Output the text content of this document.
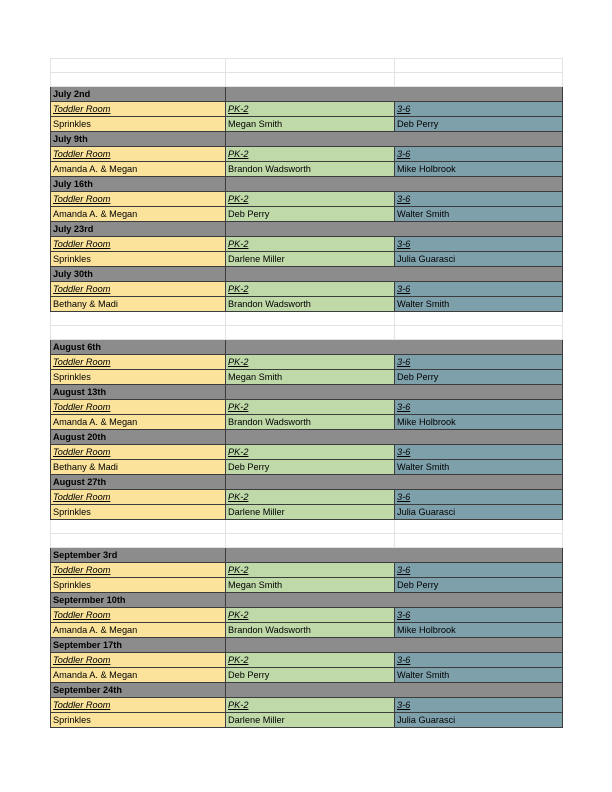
July 2nd		
Toddler Room	PK-2	3-6
Sprinkles	Megan Smith	Deb Perry
July 9th		
Toddler Room	PK-2	3-6
Amanda A. & Megan	Brandon Wadsworth	Mike Holbrook
July 16th		
Toddler Room	PK-2	3-6
Amanda A. & Megan	Deb Perry	Walter Smith
July 23rd		
Toddler Room	PK-2	3-6
Sprinkles	Darlene Miller	Julia Guarasci
July 30th		
Toddler Room	PK-2	3-6
Bethany & Madi	Brandon Wadsworth	Walter Smith

August 6th		
Toddler Room	PK-2	3-6
Sprinkles	Megan Smith	Deb Perry
August 13th		
Toddler Room	PK-2	3-6
Amanda A. & Megan	Brandon Wadsworth	Mike Holbrook
August 20th		
Toddler Room	PK-2	3-6
Bethany & Madi	Deb Perry	Walter Smith
August 27th		
Toddler Room	PK-2	3-6
Sprinkles	Darlene Miller	Julia Guarasci

September 3rd		
Toddler Room	PK-2	3-6
Sprinkles	Megan Smith	Deb Perry
Septermber 10th		
Toddler Room	PK-2	3-6
Amanda A. & Megan	Brandon Wadsworth	Mike Holbrook
September 17th		
Toddler Room	PK-2	3-6
Amanda A. & Megan	Deb Perry	Walter Smith
September 24th		
Toddler Room	PK-2	3-6
Sprinkles	Darlene Miller	Julia Guarasci
